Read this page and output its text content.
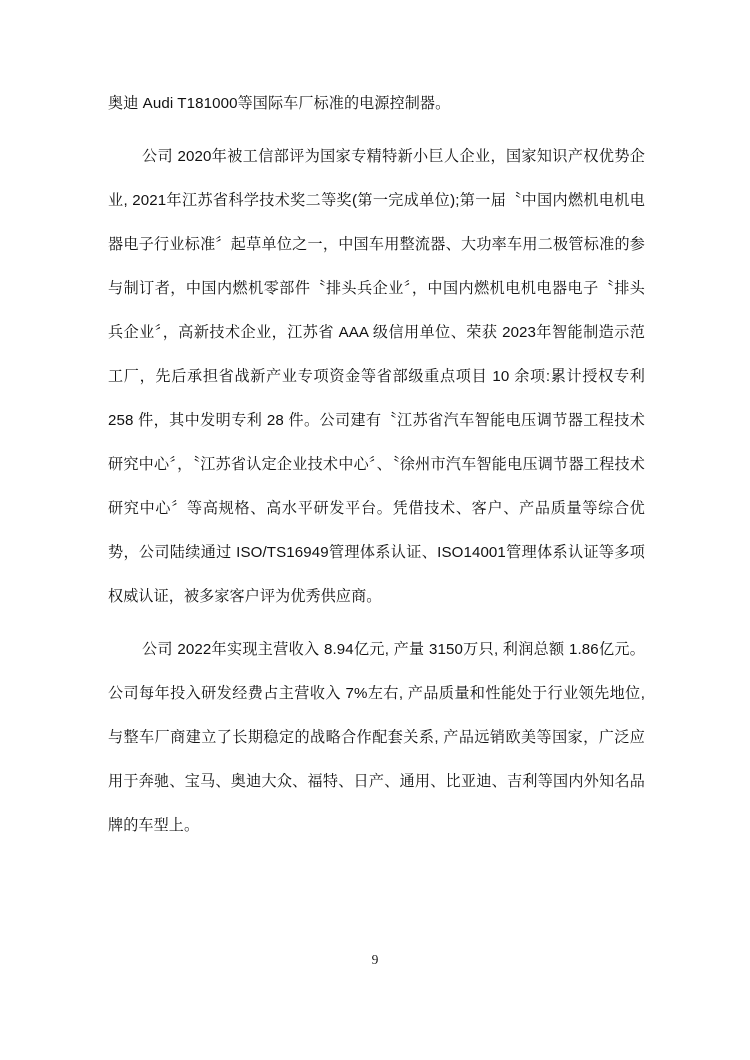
奥迪 Audi T181000等国际车厂标准的电源控制器。

公司 2020年被工信部评为国家专精特新小巨人企业，国家知识产权优势企业, 2021年江苏省科学技术奖二等奖(第一完成单位);第一届〝中国内燃机电机电器电子行业标准〞起草单位之一，中国车用整流器、大功率车用二极管标准的参与制订者，中国内燃机零部件〝排头兵企业〞，中国内燃机电机电器电子〝排头兵企业〞，高新技术企业，江苏省 AAA 级信用单位、荣获 2023年智能制造示范工厂，先后承担省战新产业专项资金等省部级重点项目 10 余项:累计授权专利 258 件，其中发明专利 28 件。公司建有〝江苏省汽车智能电压调节器工程技术研究中心〞，〝江苏省认定企业技术中心〞、〝徐州市汽车智能电压调节器工程技术研究中心〞等高规格、高水平研发平台。凭借技术、客户、产品质量等综合优势，公司陆续通过 ISO/TS16949管理体系认证、ISO14001管理体系认证等多项权威认证，被多家客户评为优秀供应商。

公司 2022年实现主营收入 8.94亿元, 产量 3150万只, 利润总额 1.86亿元。公司每年投入研发经费占主营收入 7%左右, 产品质量和性能处于行业领先地位, 与整车厂商建立了长期稳定的战略合作配套关系, 产品远销欧美等国家，广泛应用于奔驰、宝马、奥迪大众、福特、日产、通用、比亚迪、吉利等国内外知名品牌的车型上。

9
